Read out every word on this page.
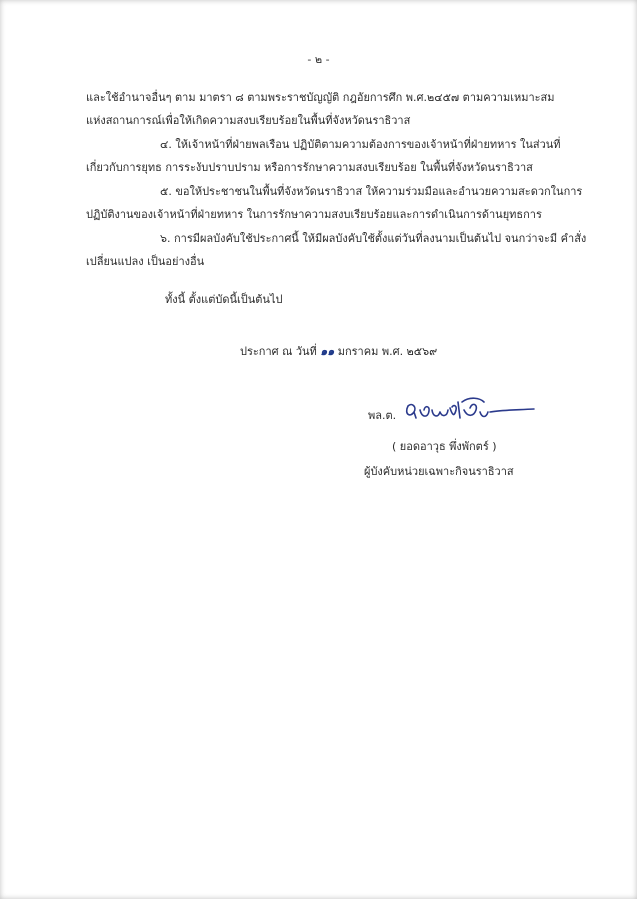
- ๒ -
และใช้อำนาจอื่นๆ ตาม มาตรา ๘ ตามพระราชบัญญัติ กฎอัยการศึก พ.ศ.๒๔๕๗ ตามความเหมาะสม
แห่งสถานการณ์เพื่อให้เกิดความสงบเรียบร้อยในพื้นที่จังหวัดนราธิวาส
๔. ให้เจ้าหน้าที่ฝ่ายพลเรือน ปฏิบัติตามความต้องการของเจ้าหน้าที่ฝ่ายทหาร ในส่วนที่
เกี่ยวกับการยุทธ การระงับปราบปราม หรือการรักษาความสงบเรียบร้อย ในพื้นที่จังหวัดนราธิวาส
๕. ขอให้ประชาชนในพื้นที่จังหวัดนราธิวาส ให้ความร่วมมือและอำนวยความสะดวกในการ
ปฏิบัติงานของเจ้าหน้าที่ฝ่ายทหาร ในการรักษาความสงบเรียบร้อยและการดำเนินการด้านยุทธการ
๖. การมีผลบังคับใช้ประกาศนี้ ให้มีผลบังคับใช้ตั้งแต่วันที่ลงนามเป็นต้นไป จนกว่าจะมี คำสั่ง
เปลี่ยนแปลง เป็นอย่างอื่น
ทั้งนี้ ตั้งแต่บัดนี้เป็นต้นไป
ประกาศ ณ วันที่ ๑๑ มกราคม พ.ศ. ๒๕๖๙
พล.ต.
( ยอดอาวุธ พึ่งพักตร์ )
ผู้บังคับหน่วยเฉพาะกิจนราธิวาส
